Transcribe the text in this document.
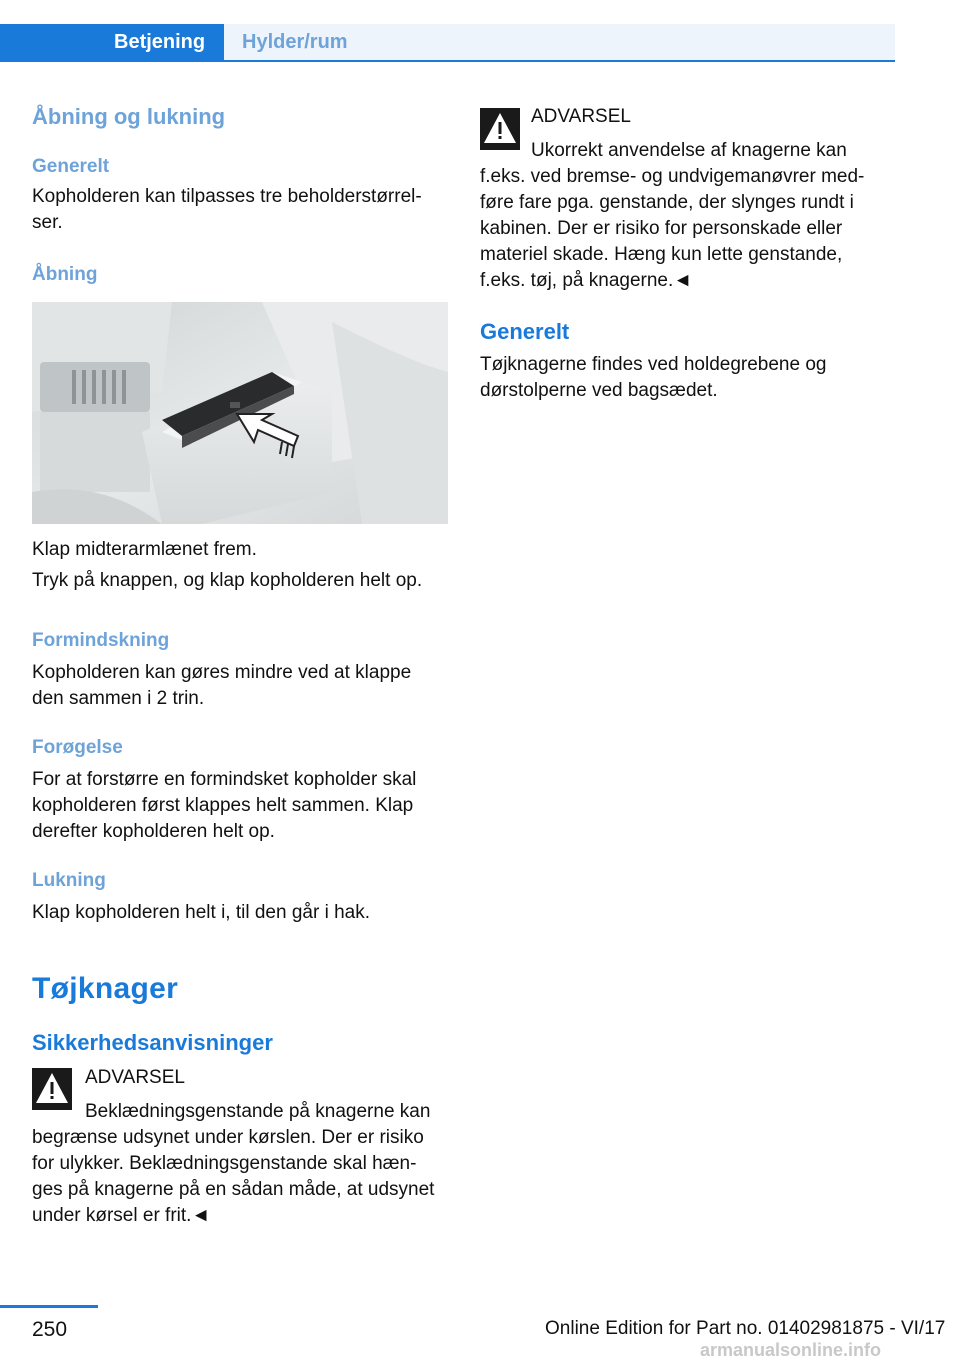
Betjening	Hylder/rum
Åbning og lukning
Generelt
Kopholderen kan tilpasses tre beholderstørrel-
ser.
Åbning
Klap midterarmlænet frem.
Tryk på knappen, og klap kopholderen helt op.
Formindskning
Kopholderen kan gøres mindre ved at klappe
den sammen i 2 trin.
Forøgelse
For at forstørre en formindsket kopholder skal
kopholderen først klappes helt sammen. Klap
derefter kopholderen helt op.
Lukning
Klap kopholderen helt i, til den går i hak.
Tøjknager
Sikkerhedsanvisninger
ADVARSEL
Beklædningsgenstande på knagerne kan
begrænse udsynet under kørslen. Der er risiko
for ulykker. Beklædningsgenstande skal hæn-
ges på knagerne på en sådan måde, at udsynet
under kørsel er frit.◄
ADVARSEL
Ukorrekt anvendelse af knagerne kan
f.eks. ved bremse- og undvigemanøvrer med-
føre fare pga. genstande, der slynges rundt i
kabinen. Der er risiko for personskade eller
materiel skade. Hæng kun lette genstande,
f.eks. tøj, på knagerne.◄
Generelt
Tøjknagerne findes ved holdegrebene og
dørstolperne ved bagsædet.
250	Online Edition for Part no. 01402981875 - VI/17
armanualsonline.info
